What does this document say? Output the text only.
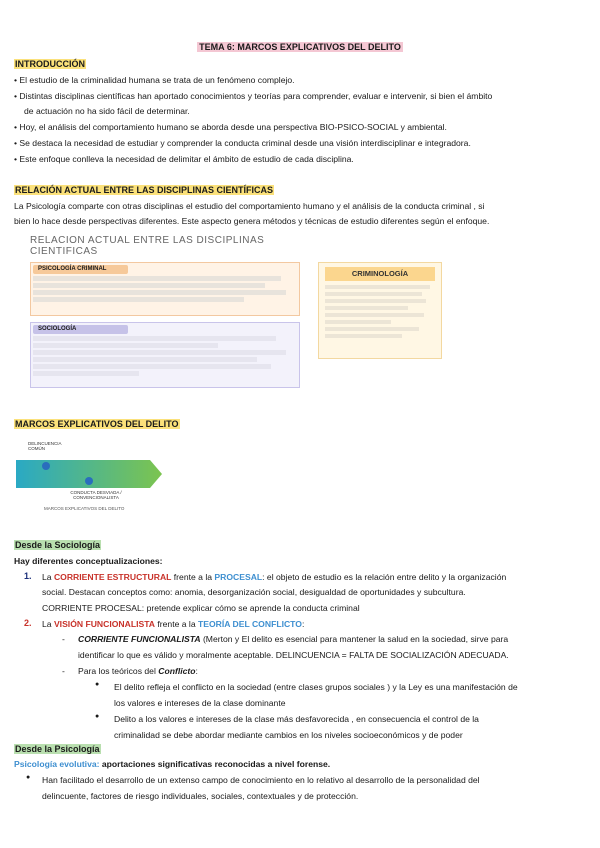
TEMA 6: MARCOS EXPLICATIVOS DEL DELITO
INTRODUCCIÓN
• El estudio de la criminalidad humana se trata de un fenómeno complejo.
• Distintas disciplinas científicas han aportado conocimientos y teorías para comprender, evaluar e intervenir, si bien el ámbito
de actuación no ha sido fácil de determinar.
• Hoy, el análisis del comportamiento humano se aborda desde una perspectiva BIO-PSICO-SOCIAL y ambiental.
• Se destaca la necesidad de estudiar y comprender la conducta criminal desde una visión interdisciplinar e integradora.
• Este enfoque conlleva la necesidad de delimitar el ámbito de estudio de cada disciplina.
RELACIÓN ACTUAL ENTRE LAS DISCIPLINAS CIENTÍFICAS
La Psicología comparte con otras disciplinas el estudio del comportamiento humano y el análisis de la conducta criminal , si
bien lo hace desde perspectivas diferentes. Este aspecto genera métodos y técnicas de estudio diferentes según el enfoque.
RELACION ACTUAL ENTRE LAS DISCIPLINAS CIENTIFICAS
PSICOLOGÍA CRIMINAL
SOCIOLOGÍA
CRIMINOLOGÍA
MARCOS EXPLICATIVOS DEL DELITO
DELINCUENCIA COMÚN
CONDUCTA DESVIADA / CONVENCIONALISTA
MARCOS EXPLICATIVOS DEL DELITO
Desde la Sociología
Hay diferentes conceptualizaciones:
1. La CORRIENTE ESTRUCTURAL frente a la PROCESAL: el objeto de estudio es la relación entre delito y la organización
social. Destacan conceptos como: anomia, desorganización social, desigualdad de oportunidades y subcultura.
CORRIENTE PROCESAL: pretende explicar cómo se aprende la conducta criminal
2. La VISIÓN FUNCIONALISTA frente a la TEORÍA DEL CONFLICTO:
- CORRIENTE FUNCIONALISTA (Merton y El delito es esencial para mantener la salud en la sociedad, sirve para
identificar lo que es válido y moralmente aceptable. DELINCUENCIA = FALTA DE SOCIALIZACIÓN ADECUADA.
- Para los teóricos del Conflicto:
● El delito refleja el conflicto en la sociedad (entre clases grupos sociales ) y la Ley es una manifestación de
los valores e intereses de la clase dominante
● Delito a los valores e intereses de la clase más desfavorecida , en consecuencia el control de la
criminalidad se debe abordar mediante cambios en los niveles socioeconómicos y de poder
Desde la Psicología
Psicología evolutiva: aportaciones significativas reconocidas a nivel forense.
● Han facilitado el desarrollo de un extenso campo de conocimiento en lo relativo al desarrollo de la personalidad del
delincuente, factores de riesgo individuales, sociales, contextuales y de protección.
